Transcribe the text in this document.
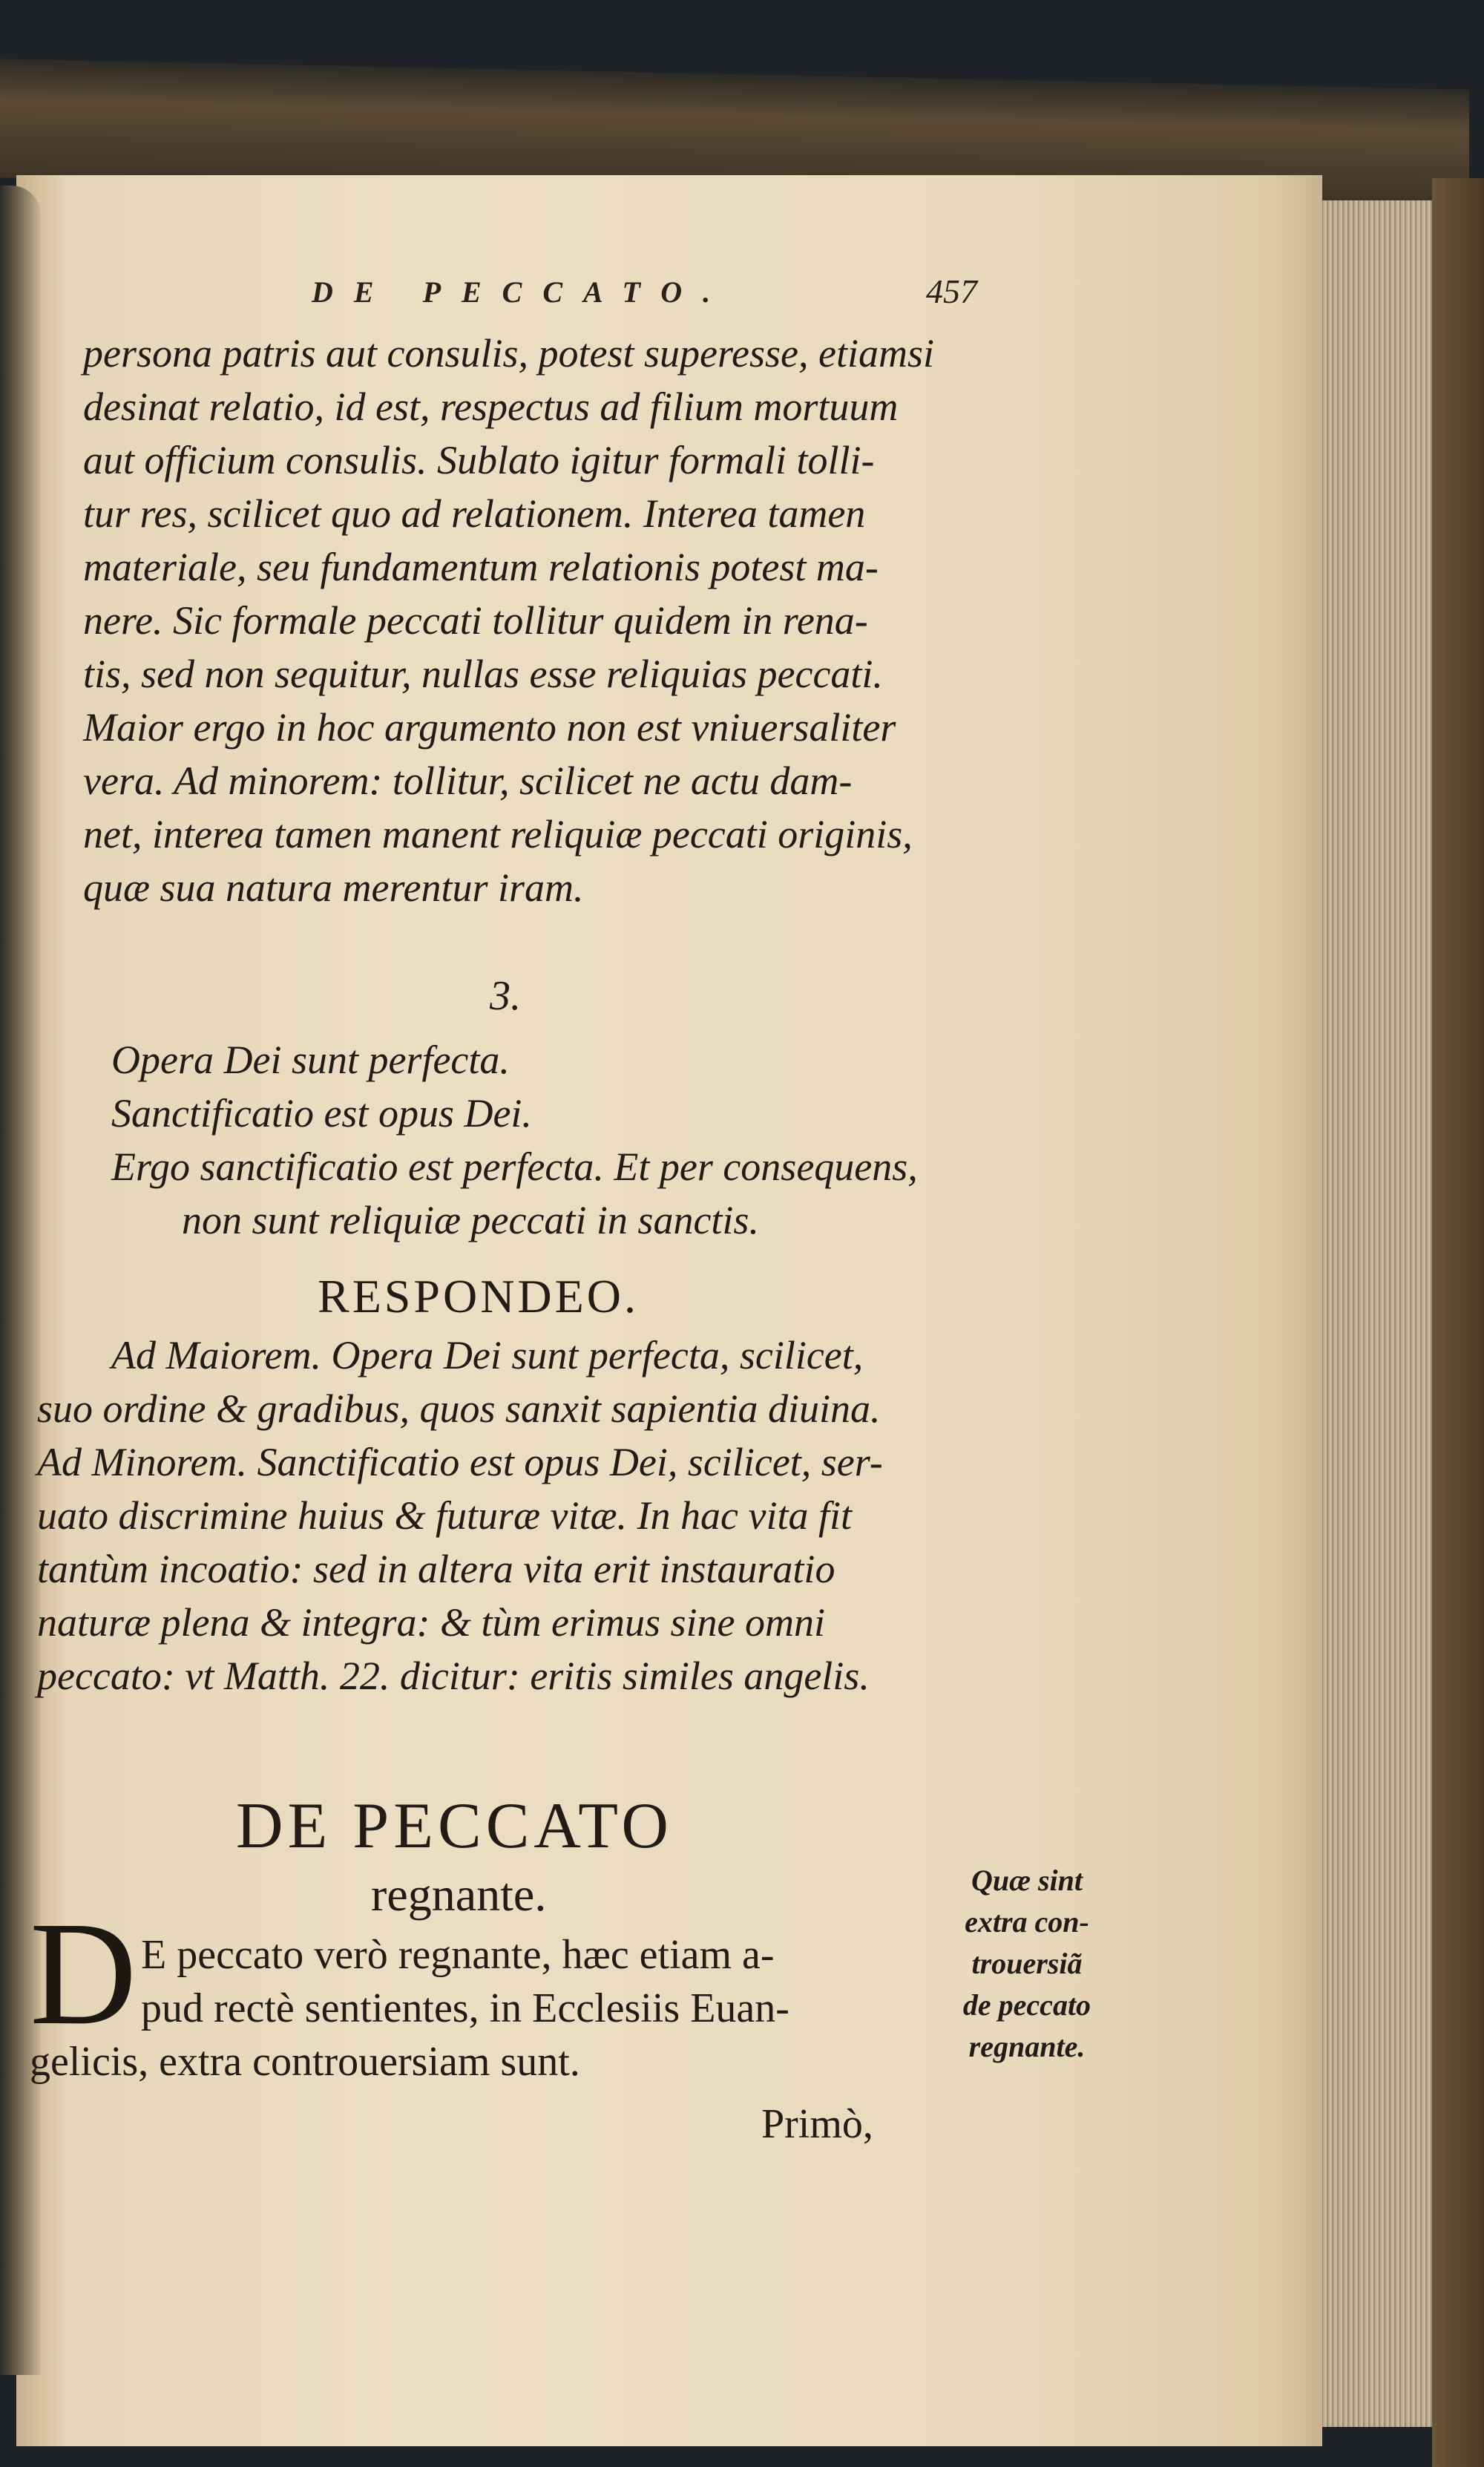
DE PECCATO.	457
persona patris aut consulis, potest superesse, etiamsi
desinat relatio, id est, respectus ad filium mortuum
aut officium consulis. Sublato igitur formali tolli-
tur res, scilicet quo ad relationem. Interea tamen
materiale, seu fundamentum relationis potest ma-
nere. Sic formale peccati tollitur quidem in rena-
tis, sed non sequitur, nullas esse reliquias peccati.
Maior ergo in hoc argumento non est vniuersaliter
vera. Ad minorem: tollitur, scilicet ne actu dam-
net, interea tamen manent reliquiæ peccati originis,
quæ sua natura merentur iram.
3.
Opera Dei sunt perfecta.
Sanctificatio est opus Dei.
Ergo sanctificatio est perfecta. Et per consequens,
non sunt reliquiæ peccati in sanctis.
RESPONDEO.
Ad Maiorem. Opera Dei sunt perfecta, scilicet,
suo ordine & gradibus, quos sanxit sapientia diuina.
Ad Minorem. Sanctificatio est opus Dei, scilicet, ser-
uato discrimine huius & futuræ vitæ. In hac vita fit
tantùm incoatio: sed in altera vita erit instauratio
naturæ plena & integra: & tùm erimus sine omni
peccato: vt Matth. 22. dicitur: eritis similes angelis.
DE PECCATO
regnante.
D E peccato verò regnante, hæc etiam a-
pud rectè sentientes, in Ecclesiis Euan-
gelicis, extra controuersiam sunt.
Quæ sint
extra con-
trouersiã
de peccato
regnante.
Primò,
